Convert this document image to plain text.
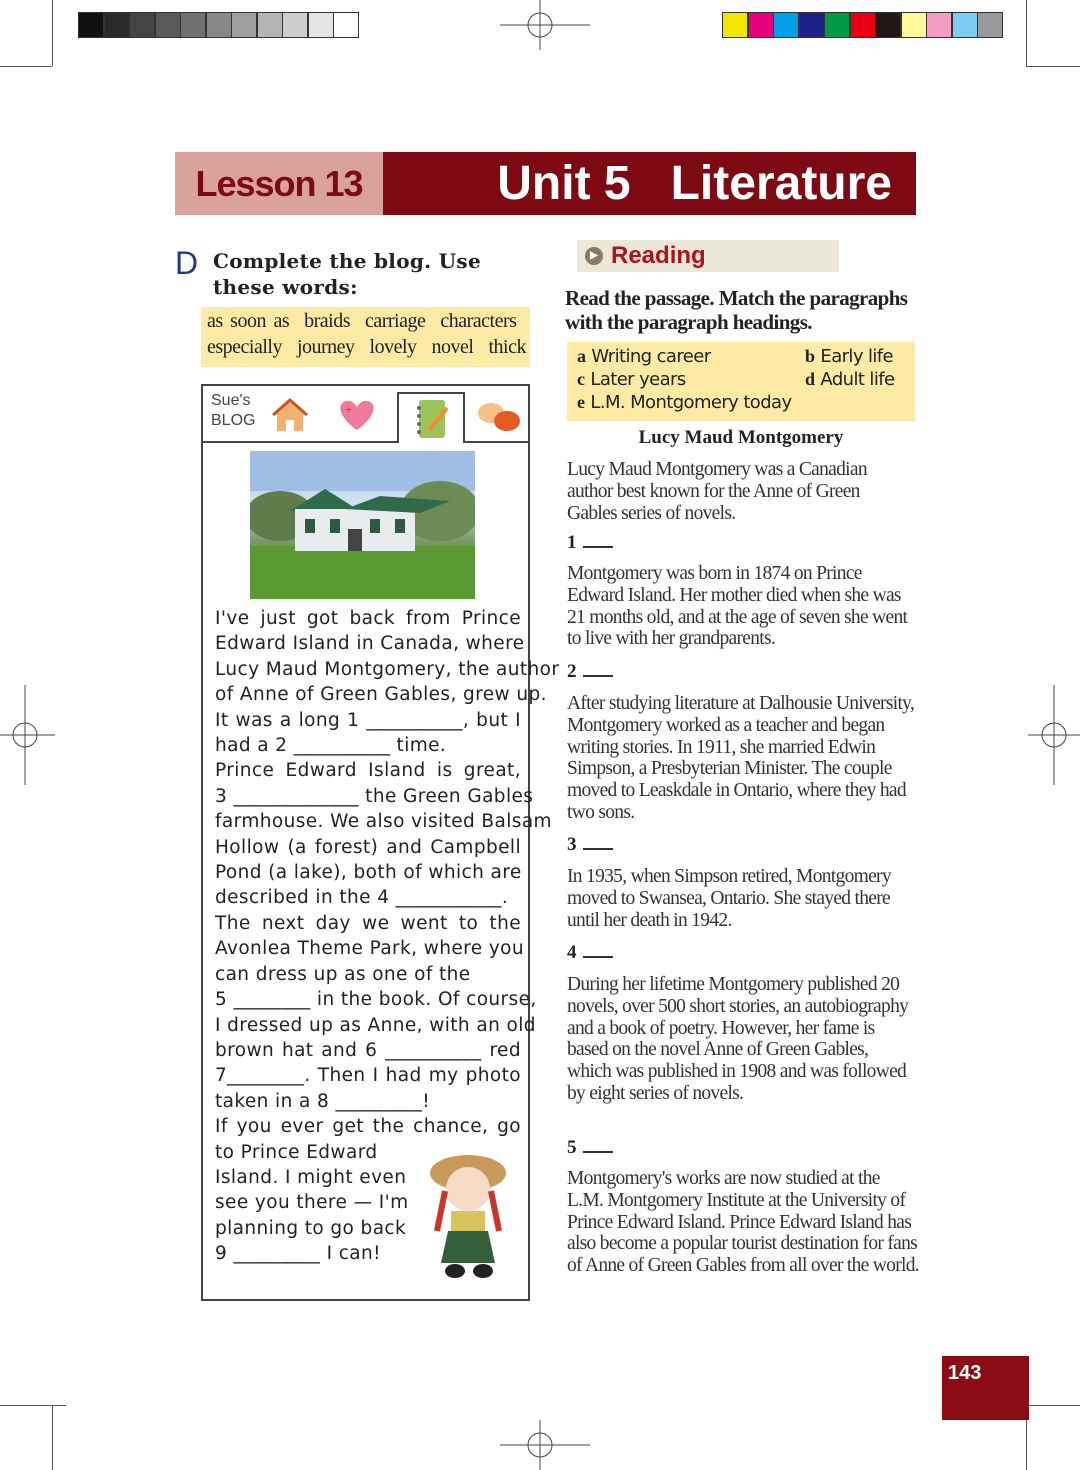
Lesson 13	Unit 5   Literature
D Complete the blog. Use these words:
as soon as  braids  carriage  characters
especially  journey  lovely  novel  thick
Sue's
BLOG
+
I've just got back from Prince
Edward Island in Canada, where
Lucy Maud Montgomery, the author
of Anne of Green Gables, grew up.
It was a long 1 __________, but I
had a 2 __________ time.
Prince Edward Island is great,
3 _____________ the Green Gables
farmhouse. We also visited Balsam
Hollow (a forest) and Campbell
Pond (a lake), both of which are
described in the 4 ___________.
The next day we went to the
Avonlea Theme Park, where you
can dress up as one of the
5 ________ in the book. Of course,
I dressed up as Anne, with an old
brown hat and 6 __________ red
7________. Then I had my photo
taken in a 8 _________!
If you ever get the chance, go
to Prince Edward
Island. I might even
see you there — I'm
planning to go back
9 _________ I can!
▶ Reading
Read the passage. Match the paragraphs with the paragraph headings.
a Writing career	b Early life
c Later years	d Adult life
e L.M. Montgomery today
Lucy Maud Montgomery
Lucy Maud Montgomery was a Canadian author best known for the Anne of Green Gables series of novels.
1
Montgomery was born in 1874 on Prince Edward Island. Her mother died when she was 21 months old, and at the age of seven she went to live with her grandparents.
2
After studying literature at Dalhousie University, Montgomery worked as a teacher and began writing stories. In 1911, she married Edwin Simpson, a Presbyterian Minister. The couple moved to Leaskdale in Ontario, where they had two sons.
3
In 1935, when Simpson retired, Montgomery moved to Swansea, Ontario. She stayed there until her death in 1942.
4
During her lifetime Montgomery published 20 novels, over 500 short stories, an autobiography and a book of poetry. However, her fame is based on the novel Anne of Green Gables, which was published in 1908 and was followed by eight series of novels.
5
Montgomery's works are now studied at the L.M. Montgomery Institute at the University of Prince Edward Island. Prince Edward Island has also become a popular tourist destination for fans of Anne of Green Gables from all over the world.
143
